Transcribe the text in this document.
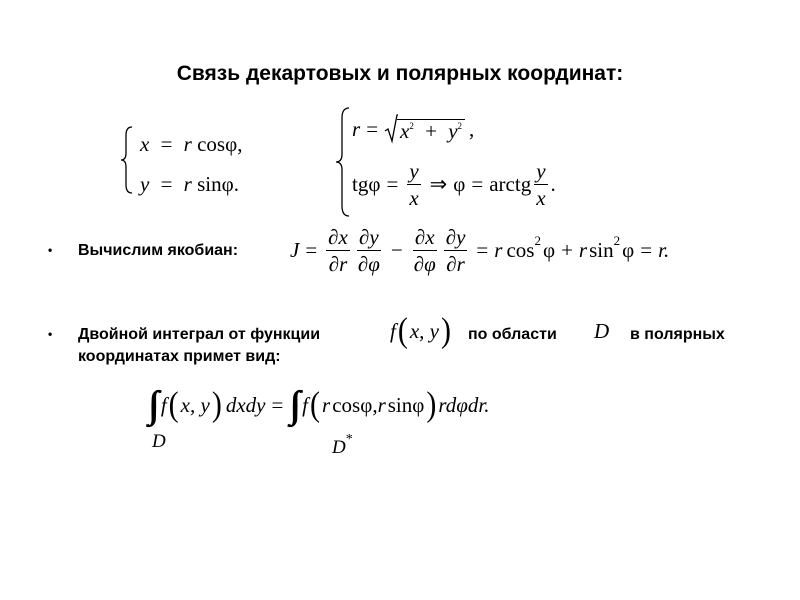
Связь декартовых и полярных координат:
x = r cosφ,
y = r sinφ.
$r = x^2 + y^2$ ,
tg $\varphi = \frac{y}{x}$ ⇒ φ = arctg $\frac{y}{x}$ .
• Вычислим якобиан: $J = \frac{\partial x}{\partial r} \frac{\partial y}{\partial\varphi} - \frac{\partial x}{\partial\varphi} \frac{\partial y}{\partial r} = r$ cos 2 φ + r sin 2 φ = r.
• Двойной интеграл от функции	f ( x, y ) по области D в полярных
координатах примет вид:
∫∫ f ( x, y ) dxdy = ∫∫ f ( r cos φ , r sin φ ) rdφdr.
D	D*
